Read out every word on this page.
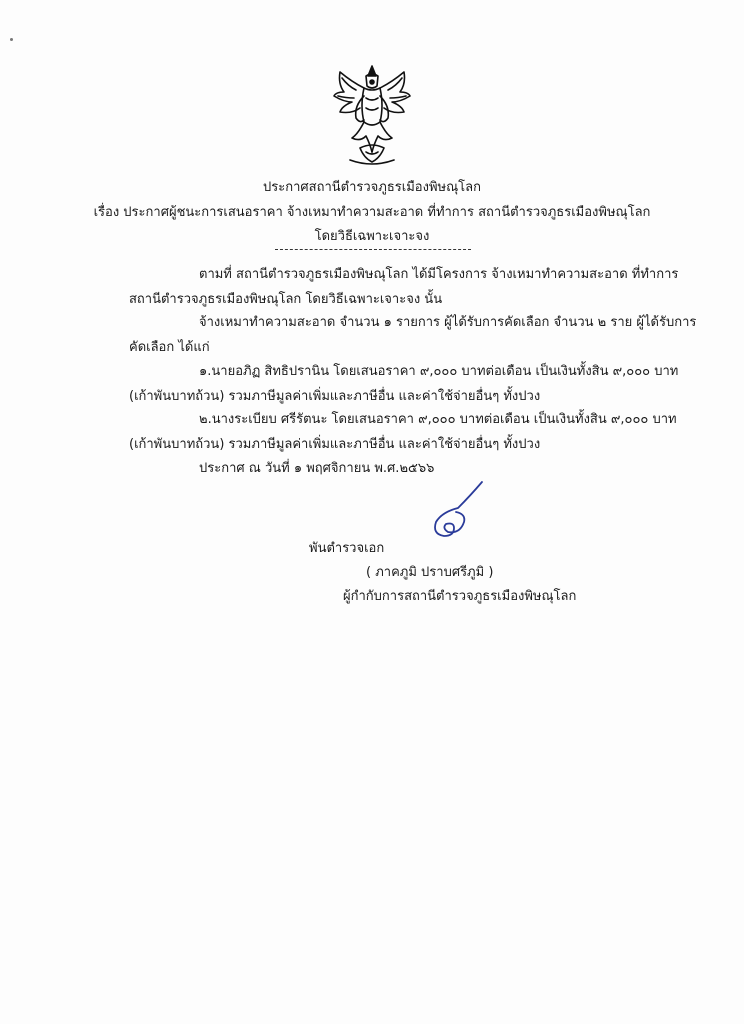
ประกาศสถานีตำรวจภูธรเมืองพิษณุโลก
เรื่อง ประกาศผู้ชนะการเสนอราคา จ้างเหมาทำความสะอาด ที่ทำการ สถานีตำรวจภูธรเมืองพิษณุโลก
โดยวิธีเฉพาะเจาะจง
ตามที่ สถานีตำรวจภูธรเมืองพิษณุโลก ได้มีโครงการ จ้างเหมาทำความสะอาด ที่ทำการ
สถานีตำรวจภูธรเมืองพิษณุโลก โดยวิธีเฉพาะเจาะจง นั้น
จ้างเหมาทำความสะอาด จำนวน ๑ รายการ ผู้ได้รับการคัดเลือก จำนวน ๒ ราย ผู้ได้รับการ
คัดเลือก ได้แก่
๑.นายอภิฏ สิทธิปรานิน โดยเสนอราคา ๙,๐๐๐ บาทต่อเดือน เป็นเงินทั้งสิน ๙,๐๐๐ บาท
(เก้าพันบาทถ้วน) รวมภาษีมูลค่าเพิ่มและภาษีอื่น และค่าใช้จ่ายอื่นๆ ทั้งปวง
๒.นางระเบียบ ศรีรัตนะ โดยเสนอราคา ๙,๐๐๐ บาทต่อเดือน เป็นเงินทั้งสิน ๙,๐๐๐ บาท
(เก้าพันบาทถ้วน) รวมภาษีมูลค่าเพิ่มและภาษีอื่น และค่าใช้จ่ายอื่นๆ ทั้งปวง
ประกาศ ณ วันที่ ๑ พฤศจิกายน พ.ศ.๒๕๖๖
พันตำรวจเอก
( ภาคภูมิ ปราบศรีภูมิ )
ผู้กำกับการสถานีตำรวจภูธรเมืองพิษณุโลก
